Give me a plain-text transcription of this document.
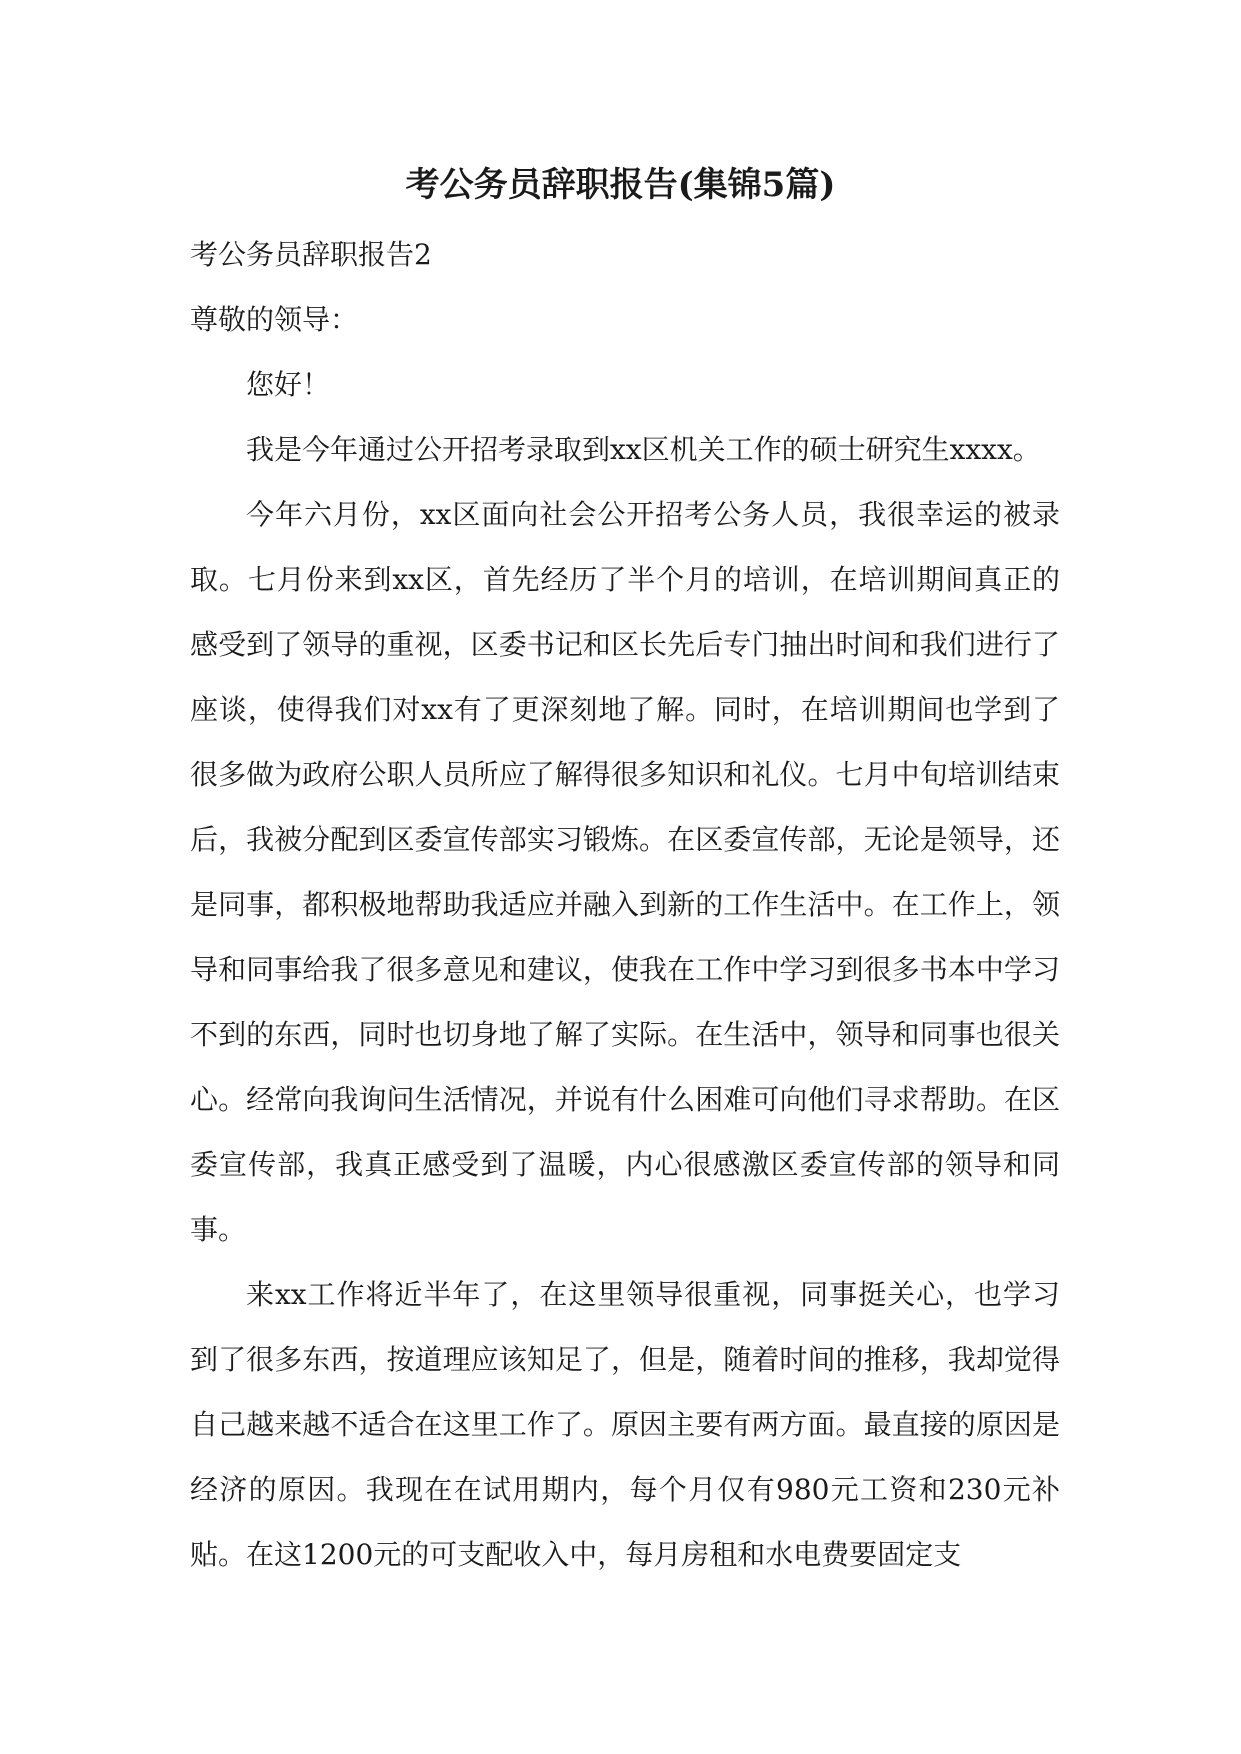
考公务员辞职报告(集锦5篇)

考公务员辞职报告2

尊敬的领导：

您好！

我是今年通过公开招考录取到xx区机关工作的硕士研究生xxxx。

今年六月份，xx区面向社会公开招考公务人员，我很幸运的被录取。七月份来到xx区，首先经历了半个月的培训，在培训期间真正的感受到了领导的重视，区委书记和区长先后专门抽出时间和我们进行了座谈，使得我们对xx有了更深刻地了解。同时，在培训期间也学到了很多做为政府公职人员所应了解得很多知识和礼仪。七月中旬培训结束后，我被分配到区委宣传部实习锻炼。在区委宣传部，无论是领导，还是同事，都积极地帮助我适应并融入到新的工作生活中。在工作上，领导和同事给我了很多意见和建议，使我在工作中学习到很多书本中学习不到的东西，同时也切身地了解了实际。在生活中，领导和同事也很关心。经常向我询问生活情况，并说有什么困难可向他们寻求帮助。在区委宣传部，我真正感受到了温暖，内心很感激区委宣传部的领导和同事。

来xx工作将近半年了，在这里领导很重视，同事挺关心，也学习到了很多东西，按道理应该知足了，但是，随着时间的推移，我却觉得自己越来越不适合在这里工作了。原因主要有两方面。最直接的原因是经济的原因。我现在在试用期内，每个月仅有980元工资和230元补贴。在这1200元的可支配收入中，每月房租和水电费要固定支
